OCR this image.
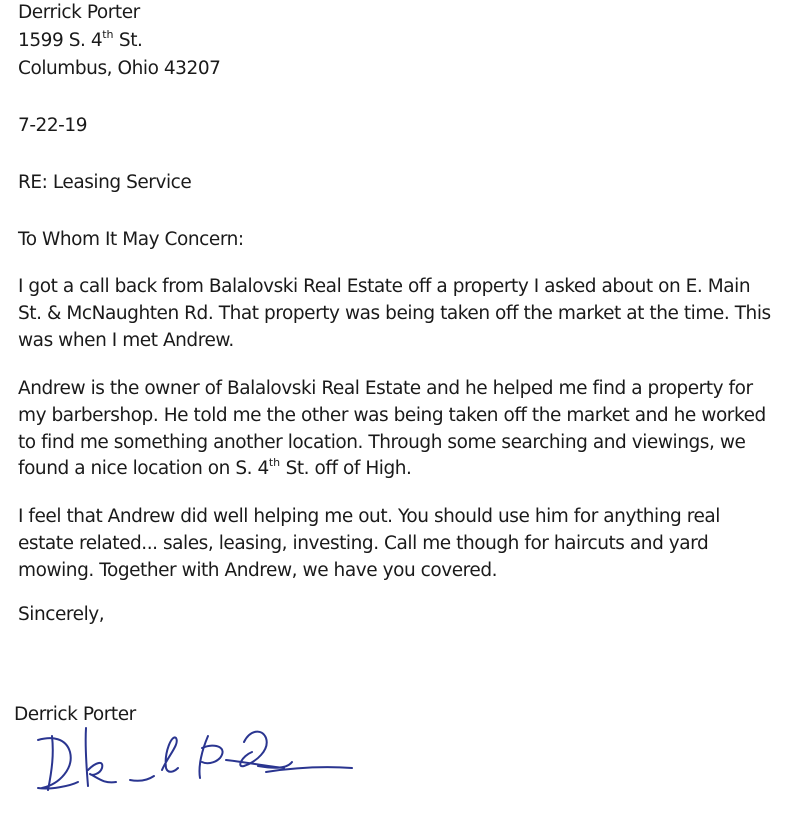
Derrick Porter
1599 S. 4th St.
Columbus, Ohio 43207
7-22-19
RE: Leasing Service
To Whom It May Concern:
I got a call back from Balalovski Real Estate off a property I asked about on E. Main
St. & McNaughten Rd. That property was being taken off the market at the time. This
was when I met Andrew.
Andrew is the owner of Balalovski Real Estate and he helped me find a property for
my barbershop. He told me the other was being taken off the market and he worked
to find me something another location. Through some searching and viewings, we
found a nice location on S. 4th St. off of High.
I feel that Andrew did well helping me out. You should use him for anything real
estate related... sales, leasing, investing. Call me though for haircuts and yard
mowing. Together with Andrew, we have you covered.
Sincerely,
Derrick Porter
